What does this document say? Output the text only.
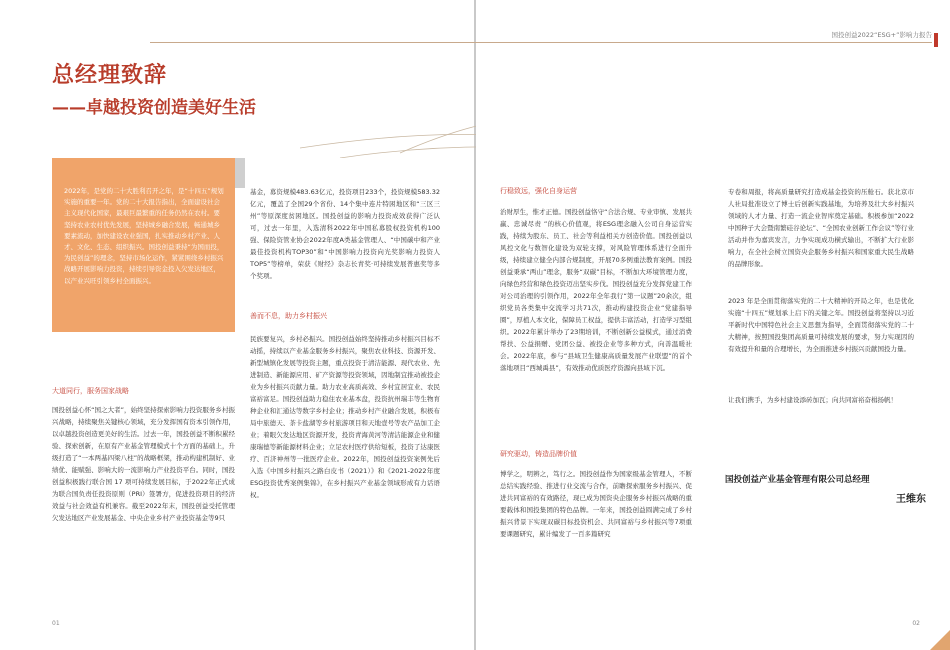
总经理致辞
——卓越投资创造美好生活
2022年，是党的二十大胜利召开之年，是“十四五”规划实施的重要一年。党的二十大报告指出，全面建设社会主义现代化国家，最艰巨最繁重的任务仍然在农村。要坚持农业农村优先发展，坚持城乡融合发展，畅通城乡要素流动，加快建设农业强国，扎实推动乡村产业、人才、文化、生态、组织振兴。国投创益秉持“为国而投，为民创益”的理念，坚持市场化运作，紧紧围绕乡村振兴战略开展影响力投资，持续引导资金投入欠发达地区，以产业兴旺引领乡村全面振兴。
大道同行，服务国家战略
国投创益心怀“国之大者”，始终坚持探索影响力投资服务乡村振兴战略，持续聚焦关键核心领域，充分发挥国有资本引领作用，以卓越投资创造更美好的生活。过去一年，国投创益不断积累经验、探索创新，在原有产业基金管理模式十个方面的基础上，升级打造了“一本两基四梁八柱”的战略框架，推动构建机制好、业绩优、能赋强、影响大的一流影响力产业投资平台。同时，国投创益积极践行联合国 17 项可持续发展目标，于2022年正式成为联合国负责任投资原则（PRI）签署方，促进投资项目的经济效益与社会效益有机兼容。截至2022年末，国投创益受托管理欠发达地区产业发展基金、中央企业乡村产业投资基金等9只
基金，募资规模483.63亿元，投资项目233个，投资规模583.32亿元，覆盖了全国29个省份、14个集中连片特困地区和“三区三州”等原深度贫困地区。国投创益的影响力投资成效获得广泛认可，过去一年里，入选清科2022年中国私募股权投资机构100强、保险资管业协会2022年度A类基金管理人、“中国碳中和产业最佳投资机构TOP30”和“中国影响力投资向光奖影响力投资人TOP5”等榜单，荣获《财经》杂志长青奖·可持续发展普惠奖等多个奖项。
善而不息，助力乡村振兴
民族要复兴，乡村必振兴。国投创益始终坚持推动乡村振兴目标不动摇，持续以产业基金服务乡村振兴，聚焦农业科技、资源开发、新型城镇化发展等投资主题，重点投资于清洁能源、现代农业、先进制造、新能源应用、矿产资源等投资领域，因地制宜推动被投企业为乡村振兴贡献力量。助力农业高质高效、乡村宜居宜业、农民富裕富足。国投创益助力稳住农业基本盘，投资抗州瑞丰等生物育种企业和汇通达等数字乡村企业；推动乡村产业融合发展，积极布局中旅德天、茶卡盐湖等乡村旅游项目和天地壹号等农产品加工企业；着眼欠发达地区资源开发，投资青海黄河等清洁能源企业和健康瑞德等新能源材料企业；立足农村医疗供给短板，投资了达康医疗、百济神州等一批医疗企业。2022年，国投创益投资案例先后入选《中国乡村振兴之路白皮书（2021）》和《2021-2022年度ESG投资优秀案例集锦》，在乡村振兴产业基金领域形成有力话语权。
01
国投创益2022“ESG+”影响力报告
行稳致远，强化自身运营
治财厚生，惟才正德。国投创益恪守“合法合规、专业审慎、发展共赢、忠诚尽责 ”的核心价值观，将ESG理念融入公司自身运营实践，持续为股东、员工、社会等利益相关方创造价值。国投创益以风控文化与数智化建设为双轮支撑，对风险管理体系进行全面升级，持续建立健全内部合规制度，开展70多例重法教育案例。国投创益秉承“两山”理念，服务“双碳”目标，不断加大环境管理力度，向绿色经营和绿色投资迈出坚实步伐。国投创益充分发挥党建工作对公司治理的引领作用，2022年全年我行“第一议题”20余次，组织党员各类集中交流学习共71次，推动构建投资企业“党建指导圈”，厚植人本文化，保障员工权益，提供丰富活动，打造学习型组织。2022年累计举办了23期培训，不断创新公益模式，通过消费帮扶、公益捐赠、党团公益、被投企业等多种方式，向善温暖社会。2022年底，参与“县域卫生健康高质量发展产业联盟”的首个落地项目“西城禹县”，有效推动优质医疗资源向县域下沉。
研究驱动，铸造品牌价值
博学之，明辨之，笃行之。国投创益作为国家级基金管理人，不断总结实践经验、推进行业交流与合作，前瞻探索服务乡村振兴、促进共同富裕的有效路径，现已成为国资央企服务乡村振兴战略的重要载体和国投集团的特色品牌。一年来，国投创益圆满完成了乡村振兴背景下实现双碳目标投资机会、共同富裕与乡村振兴等7项重要课题研究，累计编发了一百多篇研究
专卷和周报，将高质量研究打造成基金投资的压舱石。获北京市人社局批准设立了博士后创新实践基地，为培养及壮大乡村振兴领域的人才力量、打造一流企业智库奠定基础。积极参加“2022中国种子大会暨南繁硅谷论坛”、“全国农业创新工作会议”等行业活动并作为嘉宾发言，力争实现成功横式输出，不断扩大行业影响力，在全社会树立国资央企服务乡村振兴和国家重大民生战略的品牌形象。
2023 年是全面贯彻落实党的二十大精神的开局之年，也是优化实施“十四五”规划承上启下的关键之年。国投创益将坚持以习近平新时代中国特色社会主义思想为指导，全面贯彻落实党的二十大精神，按照国投集团高质量可持续发展的要求，努力实现因的有效提升和量的合理增长，为全面推进乡村振兴贡献国投力量。
让我们携手，为乡村建设添砖加瓦；向共同富裕奋楫扬帆！
国投创益产业基金管理有限公司总经理
王维东
02
